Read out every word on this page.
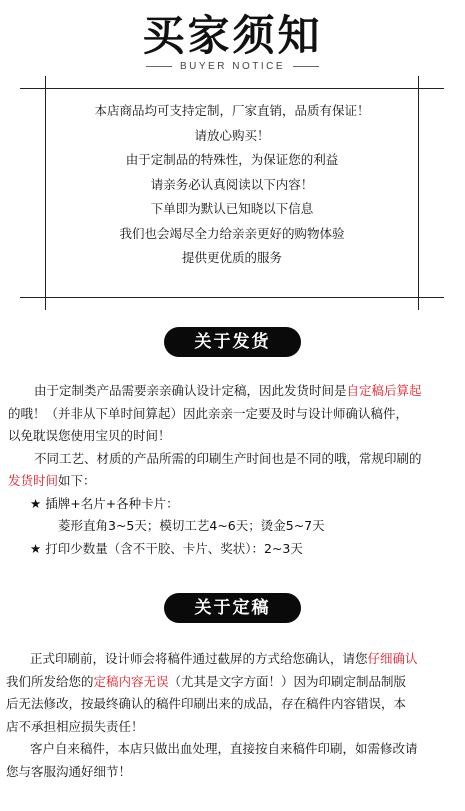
买家须知
BUYER NOTICE
本店商品均可支持定制，厂家直销，品质有保证！
请放心购买！
由于定制品的特殊性，为保证您的利益
请亲务必认真阅读以下内容！
下单即为默认已知晓以下信息
我们也会竭尽全力给亲亲更好的购物体验
提供更优质的服务
关于发货
由于定制类产品需要亲亲确认设计定稿，因此发货时间是自定稿后算起
的哦！（并非从下单时间算起）因此亲亲一定要及时与设计师确认稿件，
以免耽误您使用宝贝的时间！
不同工艺、材质的产品所需的印刷生产时间也是不同的哦，常规印刷的
发货时间如下：
★ 插牌+名片+各种卡片：
菱形直角3~5天；模切工艺4~6天；烫金5~7天
★ 打印少数量（含不干胶、卡片、奖状）：2~3天
关于定稿
正式印刷前，设计师会将稿件通过截屏的方式给您确认，请您仔细确认
我们所发给您的定稿内容无误（尤其是文字方面！）因为印刷定制品制版
后无法修改，按最终确认的稿件印刷出来的成品，存在稿件内容错误，本
店不承担相应损失责任！
客户自来稿件，本店只做出血处理，直接按自来稿件印刷，如需修改请
您与客服沟通好细节！
